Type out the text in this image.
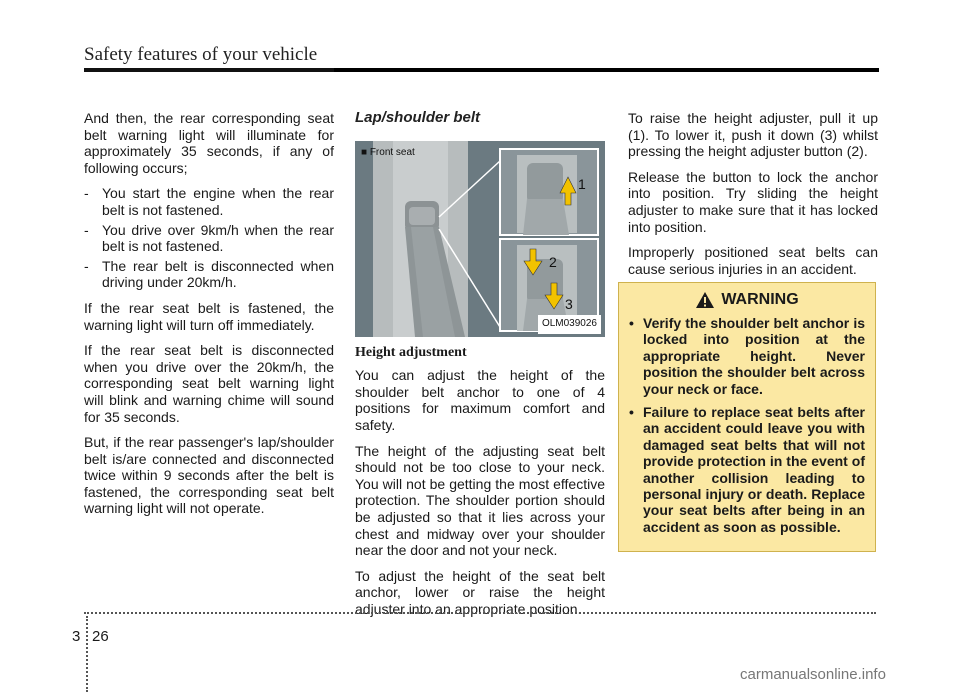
Safety features of your vehicle

And then, the rear corresponding seat belt warning light will illuminate for approximately 35 seconds, if any of following occurs;

- You start the engine when the rear belt is not fastened.
- You drive over 9km/h when the rear belt is not fastened.
- The rear belt is disconnected when driving under 20km/h.

If the rear seat belt is fastened, the warning light will turn off immediately.

If the rear seat belt is disconnected when you drive over the 20km/h, the corresponding seat belt warning light will blink and warning chime will sound for 35 seconds.

But, if the rear passenger's lap/shoulder belt is/are connected and disconnected twice within 9 seconds after the belt is fastened, the corresponding seat belt warning light will not operate.

Lap/shoulder belt
1
2
3
■ Front seat
OLM039026
Height adjustment

You can adjust the height of the shoulder belt anchor to one of 4 positions for maximum comfort and safety.

The height of the adjusting seat belt should not be too close to your neck. You will not be getting the most effective protection. The shoulder portion should be adjusted so that it lies across your chest and midway over your shoulder near the door and not your neck.

To adjust the height of the seat belt anchor, lower or raise the height adjuster into an appropriate position.

To raise the height adjuster, pull it up (1). To lower it, push it down (3) whilst pressing the height adjuster button (2).

Release the button to lock the anchor into position. Try sliding the height adjuster to make sure that it has locked into position.

Improperly positioned seat belts can cause serious injuries in an accident.

WARNING
• Verify the shoulder belt anchor is locked into position at the appropriate height. Never position the shoulder belt across your neck or face.
• Failure to replace seat belts after an accident could leave you with damaged seat belts that will not provide protection in the event of another collision leading to personal injury or death. Replace your seat belts after being in an accident as soon as possible.
3 26
carmanualsonline.info
